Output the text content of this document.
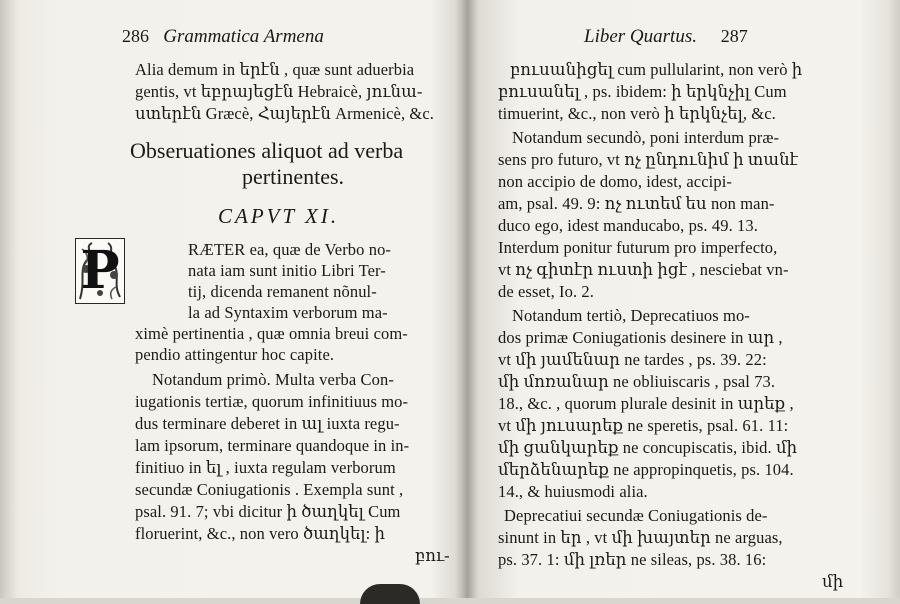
286 Grammatica Armena
Alia demum in երէն , quæ sunt aduerbia
gentis, vt եբրայեցէն Hebraicè, յունա-
ստերէն Græcè, Հայերէն Armenicè, &c.
Obseruationes aliquot ad verba
pertinentes.
CAPVT XI.
RÆTER ea, quæ de Verbo no-
nata iam sunt initio Libri Ter-
tij, dicenda remanent nõnul-
la ad Syntaxim verborum ma-
ximè pertinentia , quæ omnia breui com-
pendio attingentur hoc capite.
Notandum primò. Multa verba Con-
iugationis tertiæ, quorum infinitiuus mo-
dus terminare deberet in ալ iuxta regu-
lam ipsorum, terminare quandoque in in-
finitiuo in ել , iuxta regulam verborum
secundæ Coniugationis . Exempla sunt ,
psal. 91. 7; vbi dicitur ի ծաղկել Cum
floruerint, &c., non vero ծաղկել: ի
բու-
P
Liber Quartus. 287
բուսանիցել cum pullularint, non verò ի
բուսանել , ps. ibidem: ի երկնչիլ Cum
timuerint, &c., non verò ի երկնչել, &c.
Notandum secundò, poni interdum præ-
sens pro futuro, vt ոչ ընդունիմ ի տանէ
non accipio de domo, idest, accipi-
am, psal. 49. 9: ոչ ուտեմ ես non man-
duco ego, idest manducabo, ps. 49. 13.
Interdum ponitur futurum pro imperfecto,
vt ոչ գիտէր ուստի իցէ , nesciebat vn-
de esset, Io. 2.
Notandum tertiò, Deprecatiuos mo-
dos primæ Coniugationis desinere in ար ,
vt մի յամենար ne tardes , ps. 39. 22:
մի մոռանար ne obliuiscaris , psal 73.
18., &c. , quorum plurale desinit in արեք ,
vt մի յուսարեք ne speretis, psal. 61. 11:
մի ցանկարեք ne concupiscatis, ibid. մի
մերձենարեք ne appropinquetis, ps. 104.
14., & huiusmodi alia.
Deprecatiui secundæ Coniugationis de-
sinunt in եր , vt մի խայտեր ne arguas,
ps. 37. 1: մի լռեր ne sileas, ps. 38. 16:
մի
